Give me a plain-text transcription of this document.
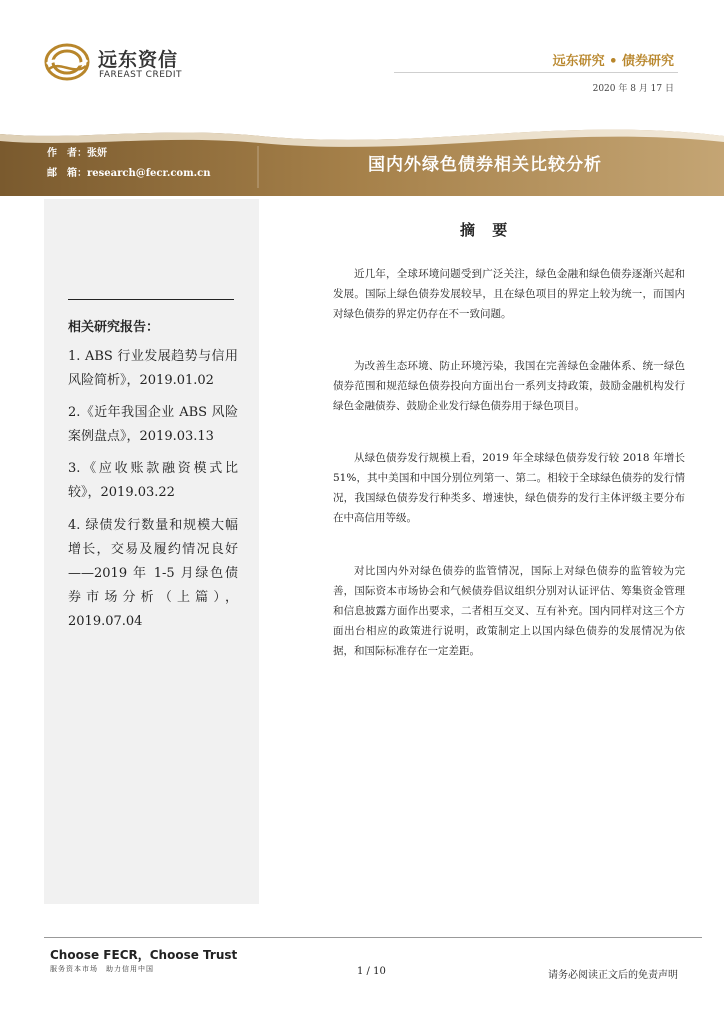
远东资信
FAREAST CREDIT
远东研究 • 债券研究
2020 年 8 月 17 日
作　者：张妍
邮　箱：research@fecr.com.cn	国内外绿色债券相关比较分析
相关研究报告：

1. ABS 行业发展趋势与信用风险简析》，2019.01.02

2.《近年我国企业 ABS 风险案例盘点》，2019.03.13

3.《应收账款融资模式比较》，2019.03.22

4. 绿债发行数量和规模大幅增长，交易及履约情况良好 ——2019 年 1-5 月绿色债券市场分析（上篇），2019.07.04

摘 要

近几年，全球环境问题受到广泛关注，绿色金融和绿色债券逐渐兴起和发展。国际上绿色债券发展较早，且在绿色项目的界定上较为统一，而国内对绿色债券的界定仍存在不一致问题。

为改善生态环境、防止环境污染，我国在完善绿色金融体系、统一绿色债券范围和规范绿色债券投向方面出台一系列支持政策，鼓励金融机构发行绿色金融债券、鼓励企业发行绿色债券用于绿色项目。

从绿色债券发行规模上看，2019 年全球绿色债券发行较 2018 年增长 51%，其中美国和中国分别位列第一、第二。相较于全球绿色债券的发行情况，我国绿色债券发行种类多、增速快，绿色债券的发行主体评级主要分布在中高信用等级。

对比国内外对绿色债券的监管情况，国际上对绿色债券的监管较为完善，国际资本市场协会和气候债券倡议组织分别对认证评估、筹集资金管理和信息披露方面作出要求，二者相互交叉、互有补充。国内同样对这三个方面出台相应的政策进行说明，政策制定上以国内绿色债券的发展情况为依据，和国际标准存在一定差距。

Choose FECR，Choose Trust
服务资本市场　助力信用中国	1 / 10	请务必阅读正文后的免责声明
